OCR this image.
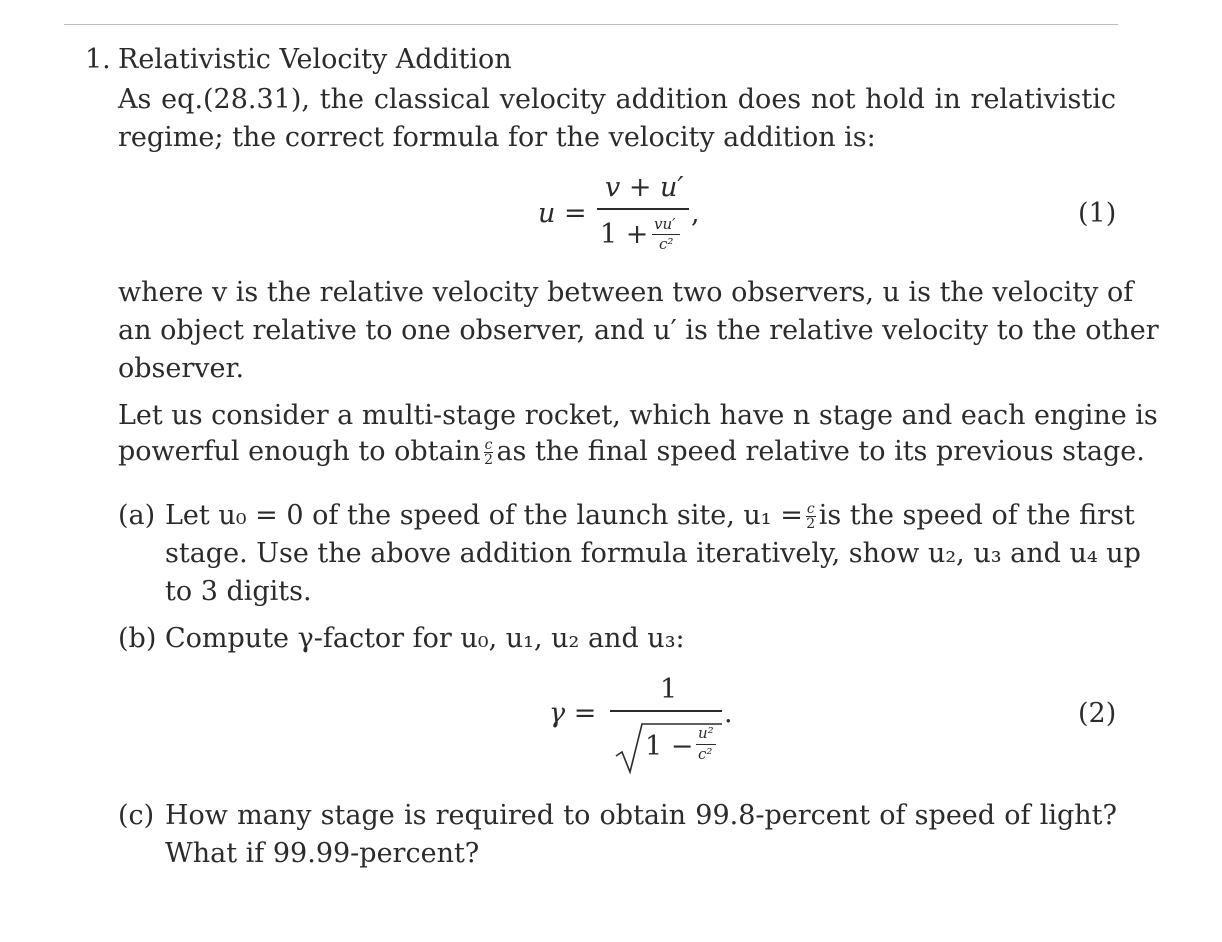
1. Relativistic Velocity Addition
As eq.(28.31), the classical velocity addition does not hold in relativistic
regime; the correct formula for the velocity addition is:
u =
v + u′
1 + vu′
c²
,	(1)
where v is the relative velocity between two observers, u is the velocity of
an object relative to one observer, and u′ is the relative velocity to the other
observer.
Let us consider a multi-stage rocket, which have n stage and each engine is
powerful enough to obtain $\frac{c}{2}$ as the final speed relative to its previous stage.
(a) Let u₀ = 0 of the speed of the launch site, $u_1 = \frac{c}{2}$ is the speed of the first
stage. Use the above addition formula iteratively, show u₂, u₃ and u₄ up
to 3 digits.
(b) Compute γ-factor for u₀, u₁, u₂ and u₃:
γ =
1
1 − u²
c²
.	(2)
(c) How many stage is required to obtain 99.8-percent of speed of light?
What if 99.99-percent?
